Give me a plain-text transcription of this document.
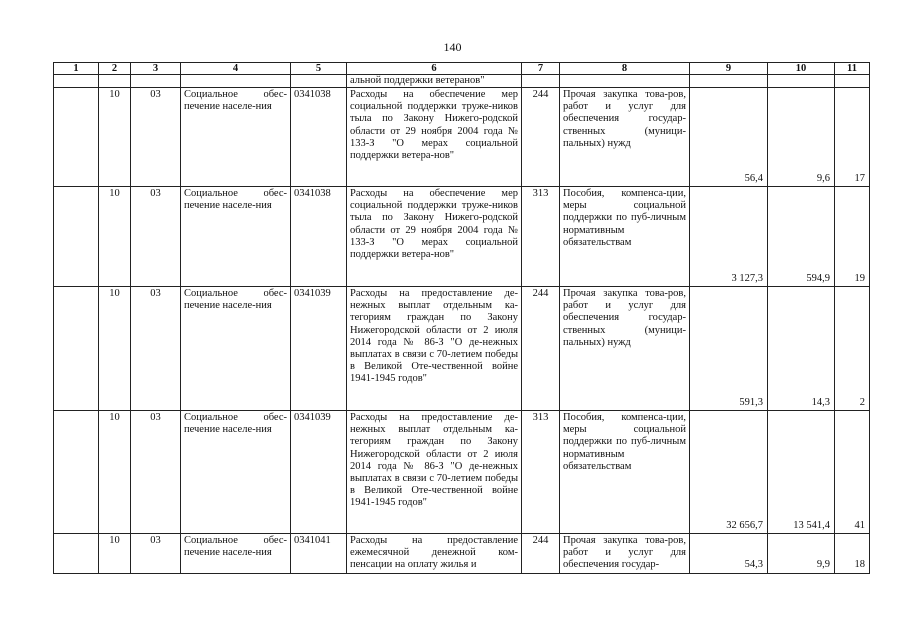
140
1	2	3	4	5	6	7	8	9	10	11
					альной поддержки ветеранов"					
	10	03	Социальное обес-печение населе-ния	0341038	Расходы на обеспечение мер социальной поддержки труже-ников тыла по Закону Нижего-родской области от 29 ноября 2004 года № 133-З "О мерах социальной поддержки ветера-нов"	244	Прочая закупка това-ров, работ и услуг для обеспечения государ-ственных (муници-пальных) нужд	56,4	9,6	17
	10	03	Социальное обес-печение населе-ния	0341038	Расходы на обеспечение мер социальной поддержки труже-ников тыла по Закону Нижего-родской области от 29 ноября 2004 года № 133-З "О мерах социальной поддержки ветера-нов"	313	Пособия, компенса-ции, меры социальной поддержки по пуб-личным нормативным обязательствам	3 127,3	594,9	19
	10	03	Социальное обес-печение населе-ния	0341039	Расходы на предоставление де-нежных выплат отдельным ка-тегориям граждан по Закону Нижегородской области от 2 июля 2014 года № 86-З "О де-нежных выплатах в связи с 70-летием победы в Великой Оте-чественной войне 1941-1945 годов"	244	Прочая закупка това-ров, работ и услуг для обеспечения государ-ственных (муници-пальных) нужд	591,3	14,3	2
	10	03	Социальное обес-печение населе-ния	0341039	Расходы на предоставление де-нежных выплат отдельным ка-тегориям граждан по Закону Нижегородской области от 2 июля 2014 года № 86-З "О де-нежных выплатах в связи с 70-летием победы в Великой Оте-чественной войне 1941-1945 годов"	313	Пособия, компенса-ции, меры социальной поддержки по пуб-личным нормативным обязательствам	32 656,7	13 541,4	41
	10	03	Социальное обес-печение населе-ния	0341041	Расходы на предоставление ежемесячной денежной ком-пенсации на оплату жилья и	244	Прочая закупка това-ров, работ и услуг для обеспечения государ-	54,3	9,9	18
